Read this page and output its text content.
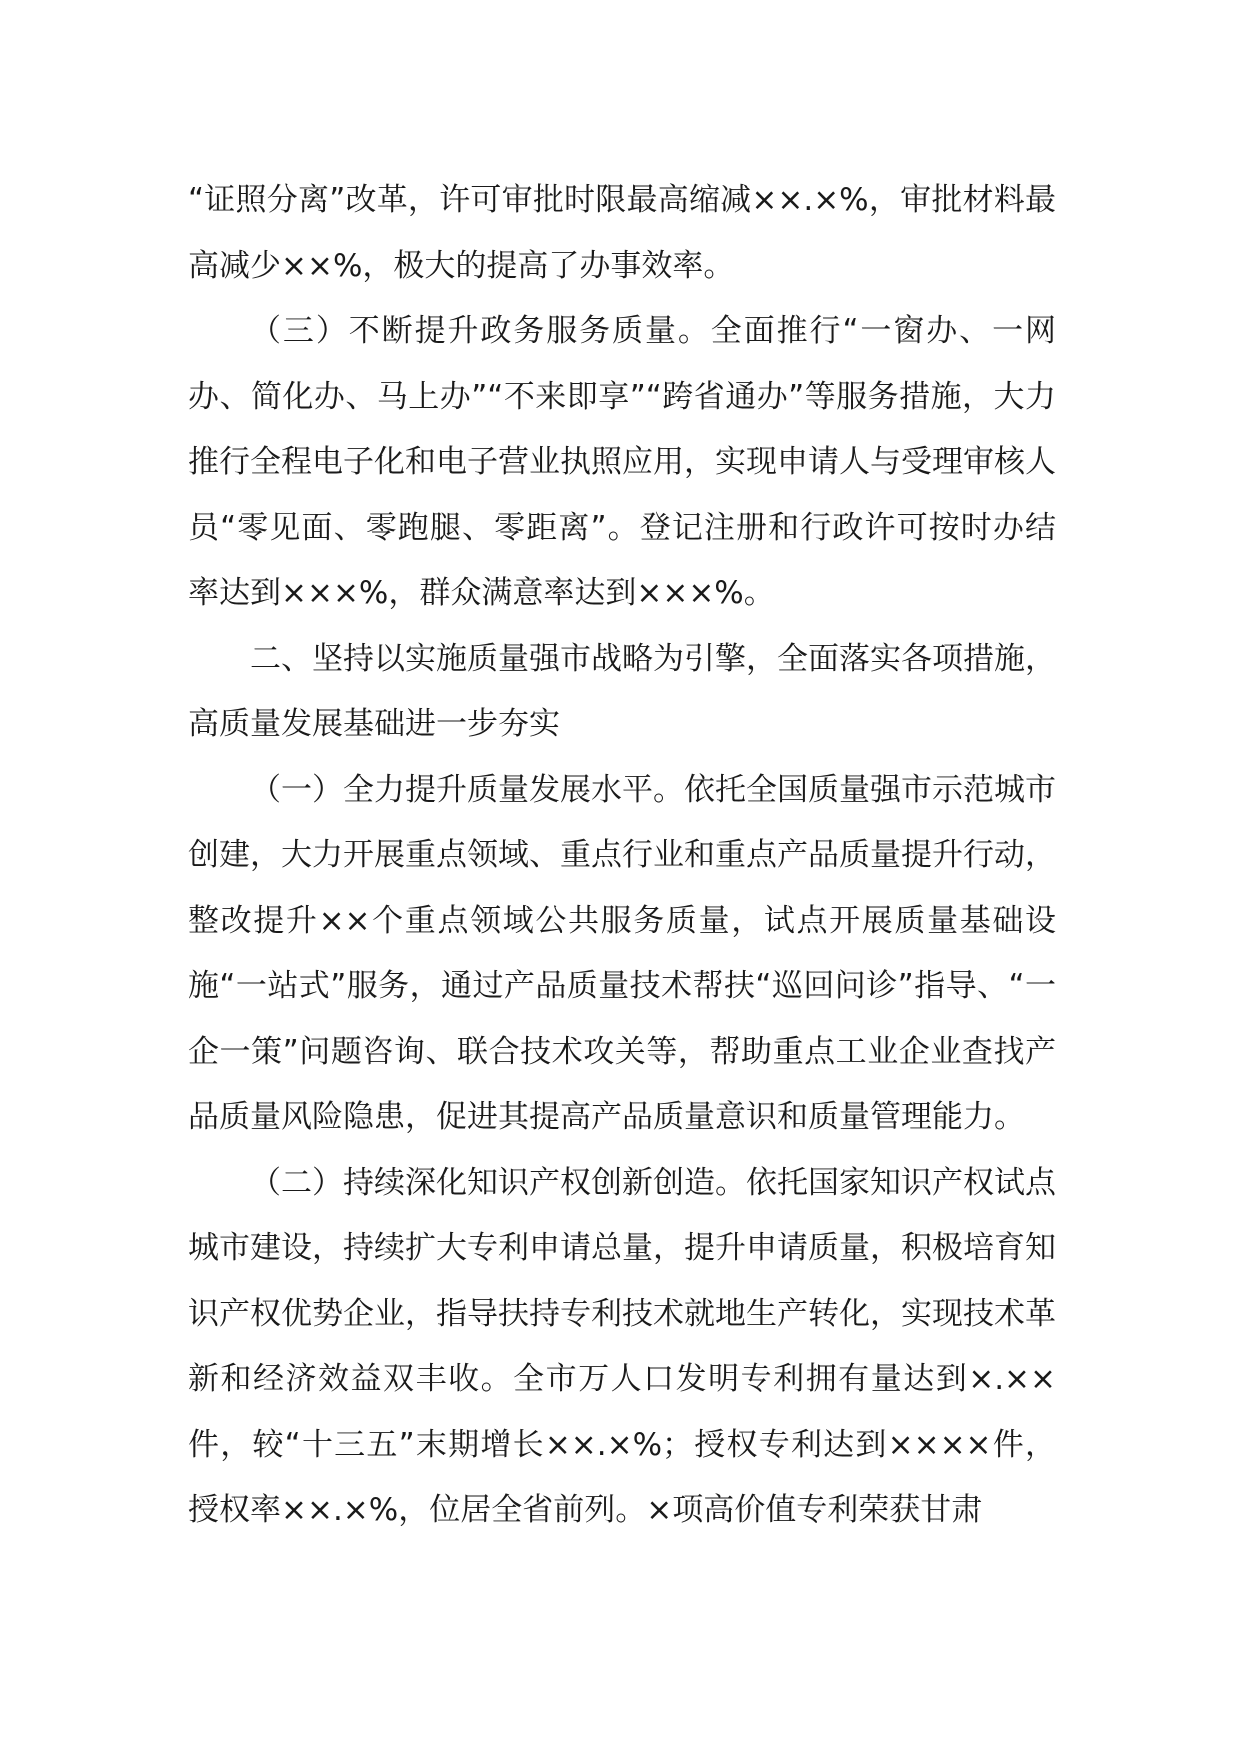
“证照分离”改革，许可审批时限最高缩减××.×%，审批材料最高减少××%，极大的提高了办事效率。

（三）不断提升政务服务质量。全面推行“一窗办、一网办、简化办、马上办”“不来即享”“跨省通办”等服务措施，大力推行全程电子化和电子营业执照应用，实现申请人与受理审核人员“零见面、零跑腿、零距离”。登记注册和行政许可按时办结率达到×××%，群众满意率达到×××%。

二、坚持以实施质量强市战略为引擎，全面落实各项措施，高质量发展基础进一步夯实

（一）全力提升质量发展水平。依托全国质量强市示范城市创建，大力开展重点领域、重点行业和重点产品质量提升行动，整改提升××个重点领域公共服务质量，试点开展质量基础设施“一站式”服务，通过产品质量技术帮扶“巡回问诊”指导、“一企一策”问题咨询、联合技术攻关等，帮助重点工业企业查找产品质量风险隐患，促进其提高产品质量意识和质量管理能力。

（二）持续深化知识产权创新创造。依托国家知识产权试点城市建设，持续扩大专利申请总量，提升申请质量，积极培育知识产权优势企业，指导扶持专利技术就地生产转化，实现技术革新和经济效益双丰收。全市万人口发明专利拥有量达到×.××件，较“十三五”末期增长××.×%；授权专利达到××××件，授权率××.×%，位居全省前列。×项高价值专利荣获甘肃
